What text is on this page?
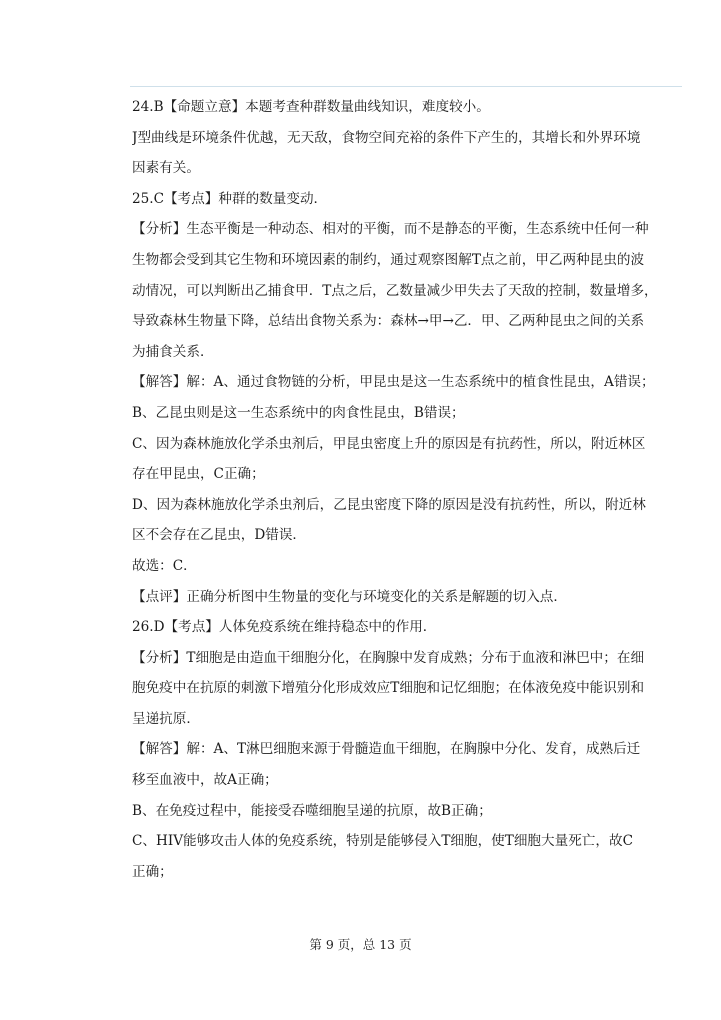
24.B【命题立意】本题考查种群数量曲线知识，难度较小。
J型曲线是环境条件优越，无天敌，食物空间充裕的条件下产生的，其增长和外界环境
因素有关。
25.C【考点】种群的数量变动．
【分析】生态平衡是一种动态、相对的平衡，而不是静态的平衡，生态系统中任何一种
生物都会受到其它生物和环境因素的制约，通过观察图解T点之前，甲乙两种昆虫的波
动情况，可以判断出乙捕食甲．T点之后，乙数量减少甲失去了天敌的控制，数量增多，
导致森林生物量下降，总结出食物关系为：森林→甲→乙．甲、乙两种昆虫之间的关系
为捕食关系．
【解答】解：A、通过食物链的分析，甲昆虫是这一生态系统中的植食性昆虫，A错误；
B、乙昆虫则是这一生态系统中的肉食性昆虫，B错误；
C、因为森林施放化学杀虫剂后，甲昆虫密度上升的原因是有抗药性，所以，附近林区
存在甲昆虫，C正确；
D、因为森林施放化学杀虫剂后，乙昆虫密度下降的原因是没有抗药性，所以，附近林
区不会存在乙昆虫，D错误．
故选：C．
【点评】正确分析图中生物量的变化与环境变化的关系是解题的切入点．
26.D【考点】人体免疫系统在维持稳态中的作用．
【分析】T细胞是由造血干细胞分化，在胸腺中发育成熟；分布于血液和淋巴中；在细
胞免疫中在抗原的刺激下增殖分化形成效应T细胞和记忆细胞；在体液免疫中能识别和
呈递抗原．
【解答】解：A、T淋巴细胞来源于骨髓造血干细胞，在胸腺中分化、发育，成熟后迁
移至血液中，故A正确；
B、在免疫过程中，能接受吞噬细胞呈递的抗原，故B正确；
C、HIV能够攻击人体的免疫系统，特别是能够侵入T细胞，使T细胞大量死亡，故C
正确；
第 9 页，总 13 页
